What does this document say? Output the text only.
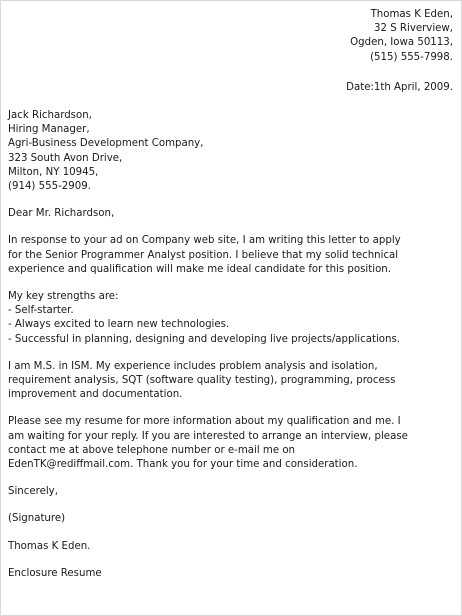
Thomas K Eden,
32 S Riverview,
Ogden, Iowa 50113,
(515) 555-7998.
Date:1th April, 2009.
Jack Richardson,
Hiring Manager,
Agri-Business Development Company,
323 South Avon Drive,
Milton, NY 10945,
(914) 555-2909.
Dear Mr. Richardson,
In response to your ad on Company web site, I am writing this letter to apply
for the Senior Programmer Analyst position. I believe that my solid technical
experience and qualification will make me ideal candidate for this position.
My key strengths are:
- Self-starter.
- Always excited to learn new technologies.
- Successful in planning, designing and developing live projects/applications.
I am M.S. in ISM. My experience includes problem analysis and isolation,
requirement analysis, SQT (software quality testing), programming, process
improvement and documentation.
Please see my resume for more information about my qualification and me. I
am waiting for your reply. If you are interested to arrange an interview, please
contact me at above telephone number or e-mail me on
EdenTK@rediffmail.com. Thank you for your time and consideration.
Sincerely,
(Signature)
Thomas K Eden.
Enclosure Resume
